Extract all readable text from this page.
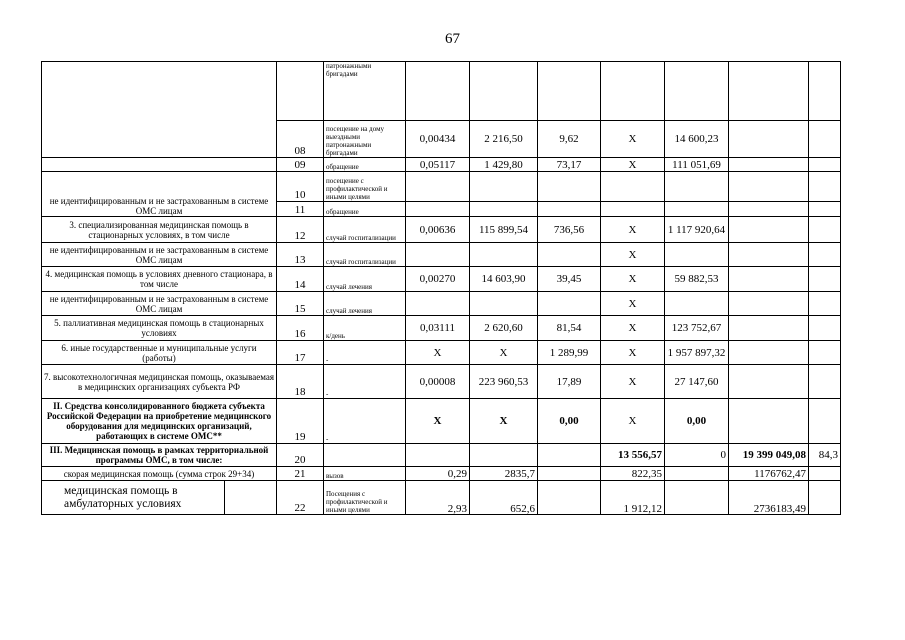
67
		патронажными бригадами							
	08	посещение на дому выездными патронажными бригадами	0,00434	2 216,50	9,62	Х	14 600,23		
	09	обращение	0,05117	1 429,80	73,17	Х	111 051,69		
не идентифицированным и не застрахованным в системе ОМС лицам	10	посещение с профилактической и иными целями							
	11	обращение							
3. специализированная медицинская помощь в стационарных условиях, в том числе	12	случай госпитализации	0,00636	115 899,54	736,56	Х	1 117 920,64		
не идентифицированным и не застрахованным в системе ОМС лицам	13	случай госпитализации				Х			
4. медицинская помощь в условиях дневного стационара, в том числе	14	случай лечения	0,00270	14 603,90	39,45	Х	59 882,53		
не идентифицированным и не застрахованным в системе ОМС лицам	15	случай лечения				Х			
5. паллиативная медицинская помощь в стационарных условиях	16	к/день	0,03111	2 620,60	81,54	Х	123 752,67		
6. иные государственные и муниципальные услуги (работы)	17	-	Х	Х	1 289,99	Х	1 957 897,32		
7. высокотехнологичная медицинская помощь, оказываемая в медицинских организациях субъекта РФ	18	-	0,00008	223 960,53	17,89	Х	27 147,60		
II. Средства консолидированного бюджета субъекта Российской Федерации на приобретение медицинского оборудования для медицинских организаций, работающих в системе ОМС**	19	-	Х	Х	0,00	Х	0,00		
III. Медицинская помощь в рамках территориальной программы ОМС, в том числе:	20					13 556,57	0	19 399 049,08	84,3
скорая медицинская помощь (сумма строк 29+34)	21	вызов	0,29	2835,7		822,35		1176762,47	
медицинская помощь в амбулаторных условиях	22	Посещения с профилактической и иными целями	2,93	652,6		1 912,12		2736183,49	
